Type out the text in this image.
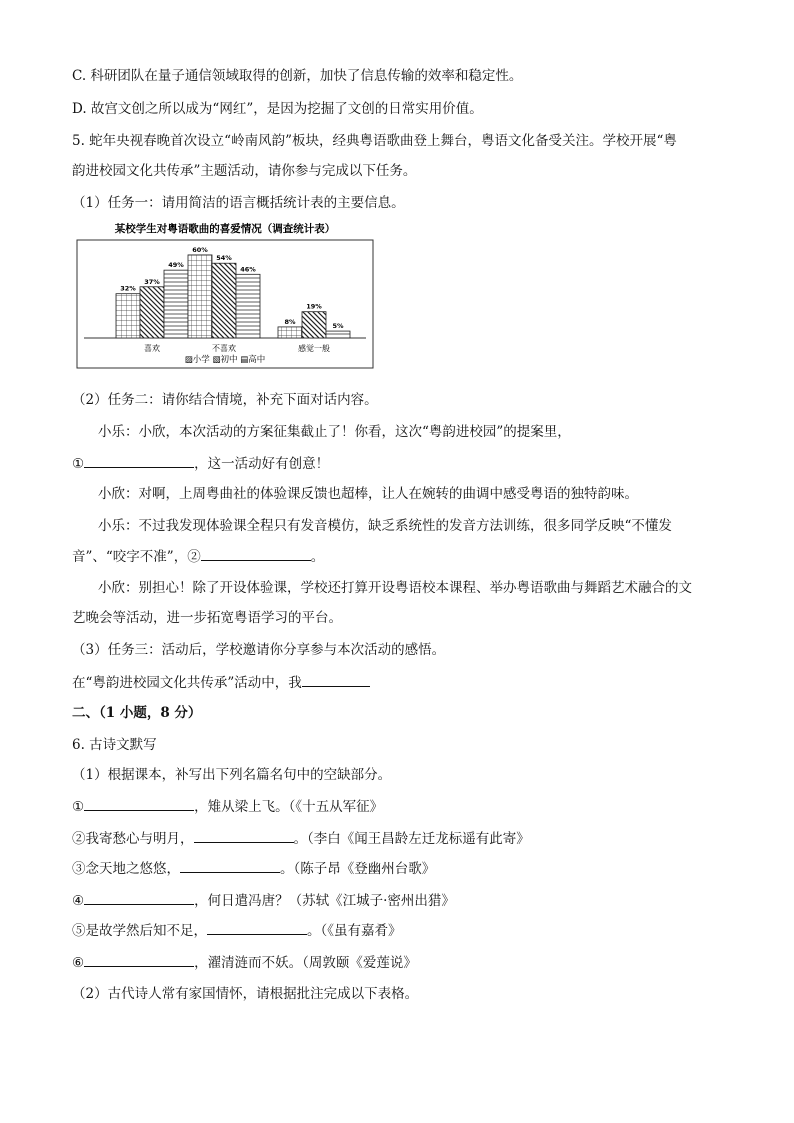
C. 科研团队在量子通信领域取得的创新，加快了信息传输的效率和稳定性。
D. 故宫文创之所以成为“网红”，是因为挖掘了文创的日常实用价值。
5. 蛇年央视春晚首次设立“岭南风韵”板块，经典粤语歌曲登上舞台，粤语文化备受关注。学校开展“粤
韵进校园文化共传承”主题活动，请你参与完成以下任务。
（1）任务一：请用简洁的语言概括统计表的主要信息。
某校学生对粤语歌曲的喜爱情况（调查统计表）
32%
37%
49%
60%
54%
46%
8%
19%
5%
喜欢	不喜欢	感觉一般
▨小学 ▧初中 ▤高中
（2）任务二：请你结合情境，补充下面对话内容。
小乐：小欣，本次活动的方案征集截止了！你看，这次“粤韵进校园”的提案里，
①	，这一活动好有创意！
小欣：对啊，上周粤曲社的体验课反馈也超棒，让人在婉转的曲调中感受粤语的独特韵味。
小乐：不过我发现体验课全程只有发音模仿，缺乏系统性的发音方法训练，很多同学反映“不懂发
音”、“咬字不准”，②	。
小欣：别担心！除了开设体验课，学校还打算开设粤语校本课程、举办粤语歌曲与舞蹈艺术融合的文
艺晚会等活动，进一步拓宽粤语学习的平台。
（3）任务三：活动后，学校邀请你分享参与本次活动的感悟。
在“粤韵进校园文化共传承”活动中，我
二、（1 小题，8 分）
6. 古诗文默写
（1）根据课本，补写出下列名篇名句中的空缺部分。
①	，雉从梁上飞。（《十五从军征》
②我寄愁心与明月，	。（李白《闻王昌龄左迁龙标遥有此寄》
③念天地之悠悠，	。（陈子昂《登幽州台歌》
④	，何日遣冯唐？（苏轼《江城子·密州出猎》
⑤是故学然后知不足，	。（《虽有嘉肴》
⑥	，濯清涟而不妖。（周敦颐《爱莲说》
（2）古代诗人常有家国情怀，请根据批注完成以下表格。
